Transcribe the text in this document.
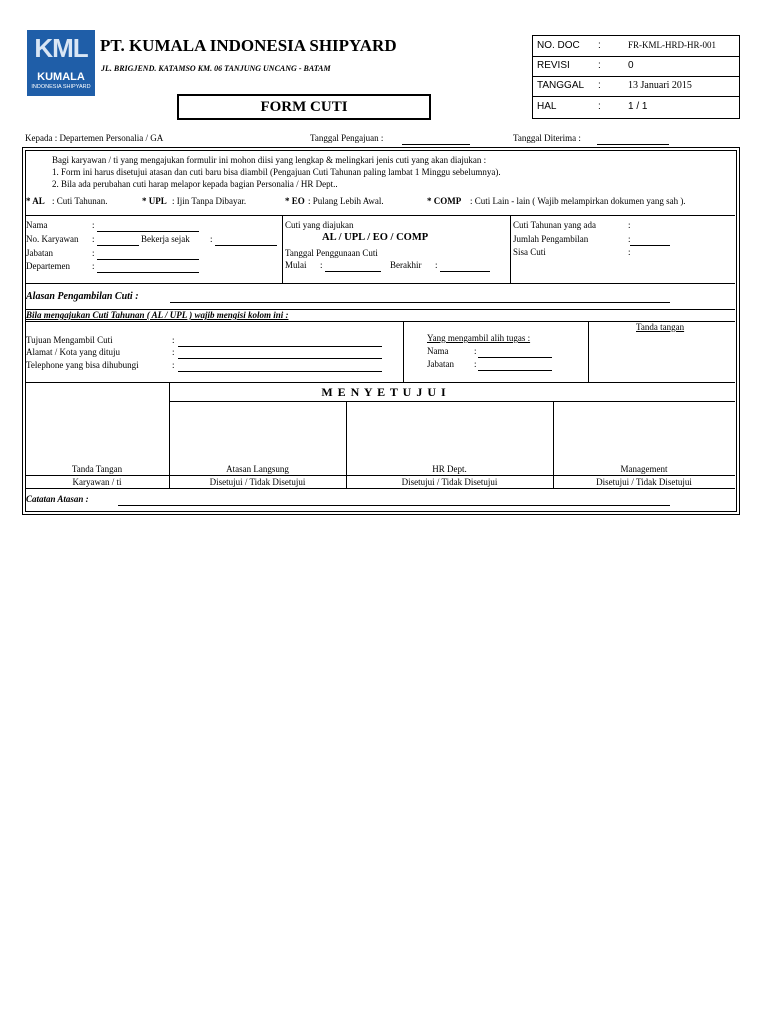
KML
KUMALA
INDONESIA SHIPYARD
PT. KUMALA INDONESIA SHIPYARD
JL. BRIGJEND. KATAMSO KM. 06 TANJUNG UNCANG - BATAM
FORM CUTI
NO. DOC :	FR-KML-HRD-HR-001
REVISI	:	0
TANGGAL :	13 Januari 2015
HAL	:	1 / 1
Kepada : Departemen Personalia / GA	Tanggal Pengajuan :	Tanggal Diterima :
Bagi karyawan / ti yang mengajukan formulir ini mohon diisi yang lengkap & melingkari jenis cuti yang akan diajukan :
1. Form ini harus disetujui atasan dan cuti baru bisa diambil (Pengajuan Cuti Tahunan paling lambat 1 Minggu sebelumnya).
2. Bila ada perubahan cuti harap melapor kepada bagian Personalia / HR Dept..
* AL : Cuti Tahunan.	* UPL : Ijin Tanpa Dibayar.	* EO : Pulang Lebih Awal.	* COMP : Cuti Lain - lain ( Wajib melampirkan dokumen yang sah ).
Nama	:
No. Karyawan :	Bekerja sejak :
Jabatan	:
Departemen :
Cuti yang diajukan
AL / UPL / EO / COMP
Tanggal Penggunaan Cuti
Mulai :	Berakhir :
Cuti Tahunan yang ada	:
Jumlah Pengambilan	:
Sisa Cuti	:
Alasan Pengambilan Cuti :
Bila mengajukan Cuti Tahunan ( AL / UPL ) wajib mengisi kolom ini :
Tujuan Mengambil Cuti	:
Alamat / Kota yang dituju	:
Telephone yang bisa dihubungi	:
Yang mengambil alih tugas :
Nama	:
Jabatan :
Tanda tangan
M E N Y E T U J U I
Tanda Tangan	Atasan Langsung	HR Dept.	Management
Karyawan / ti	Disetujui / Tidak Disetujui	Disetujui / Tidak Disetujui	Disetujui / Tidak Disetujui
Catatan Atasan :
